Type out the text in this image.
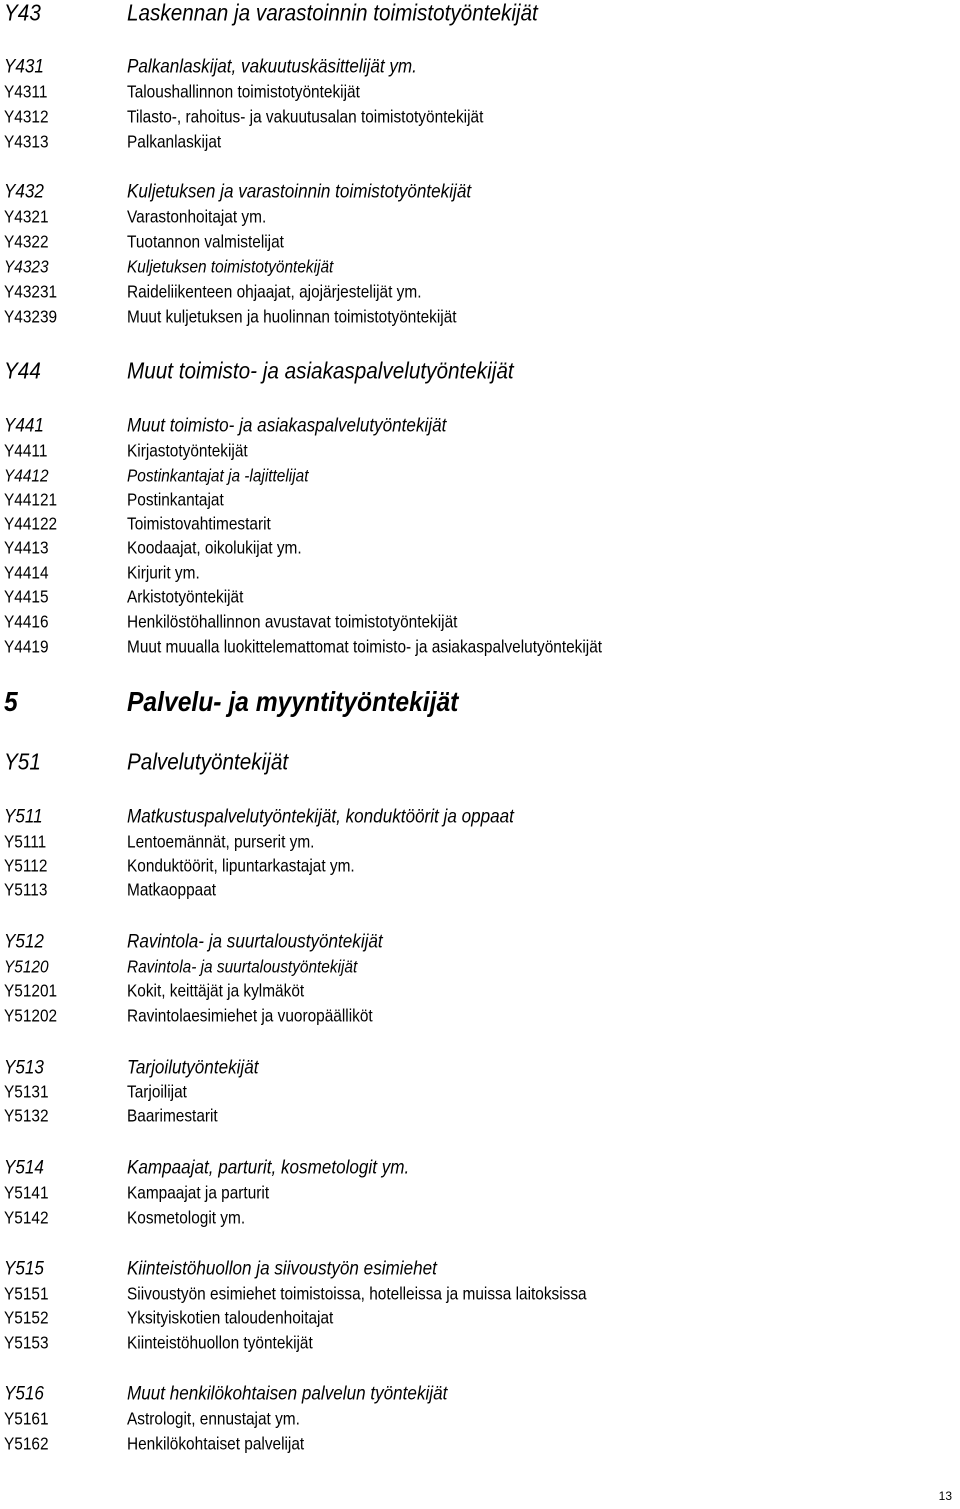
Y43	Laskennan ja varastoinnin toimistotyöntekijät
Y431	Palkanlaskijat, vakuutuskäsittelijät ym.
Y4311	Taloushallinnon toimistotyöntekijät
Y4312	Tilasto-, rahoitus- ja vakuutusalan toimistotyöntekijät
Y4313	Palkanlaskijat
Y432	Kuljetuksen ja varastoinnin toimistotyöntekijät
Y4321	Varastonhoitajat ym.
Y4322	Tuotannon valmistelijat
Y4323	Kuljetuksen toimistotyöntekijät
Y43231	Raideliikenteen ohjaajat, ajojärjestelijät ym.
Y43239	Muut kuljetuksen ja huolinnan toimistotyöntekijät
Y44	Muut toimisto- ja asiakaspalvelutyöntekijät
Y441	Muut toimisto- ja asiakaspalvelutyöntekijät
Y4411	Kirjastotyöntekijät
Y4412	Postinkantajat ja -lajittelijat
Y44121	Postinkantajat
Y44122	Toimistovahtimestarit
Y4413	Koodaajat, oikolukijat ym.
Y4414	Kirjurit ym.
Y4415	Arkistotyöntekijät
Y4416	Henkilöstöhallinnon avustavat toimistotyöntekijät
Y4419	Muut muualla luokittelemattomat toimisto- ja asiakaspalvelutyöntekijät
5	Palvelu- ja myyntityöntekijät
Y51	Palvelutyöntekijät
Y511	Matkustuspalvelutyöntekijät, konduktöörit ja oppaat
Y5111	Lentoemännät, purserit ym.
Y5112	Konduktöörit, lipuntarkastajat ym.
Y5113	Matkaoppaat
Y512	Ravintola- ja suurtaloustyöntekijät
Y5120	Ravintola- ja suurtaloustyöntekijät
Y51201	Kokit, keittäjät ja kylmäköt
Y51202	Ravintolaesimiehet ja vuoropäälliköt
Y513	Tarjoilutyöntekijät
Y5131	Tarjoilijat
Y5132	Baarimestarit
Y514	Kampaajat, parturit, kosmetologit ym.
Y5141	Kampaajat ja parturit
Y5142	Kosmetologit ym.
Y515	Kiinteistöhuollon ja siivoustyön esimiehet
Y5151	Siivoustyön esimiehet toimistoissa, hotelleissa ja muissa laitoksissa
Y5152	Yksityiskotien taloudenhoitajat
Y5153	Kiinteistöhuollon työntekijät
Y516	Muut henkilökohtaisen palvelun työntekijät
Y5161	Astrologit, ennustajat ym.
Y5162	Henkilökohtaiset palvelijat
13
